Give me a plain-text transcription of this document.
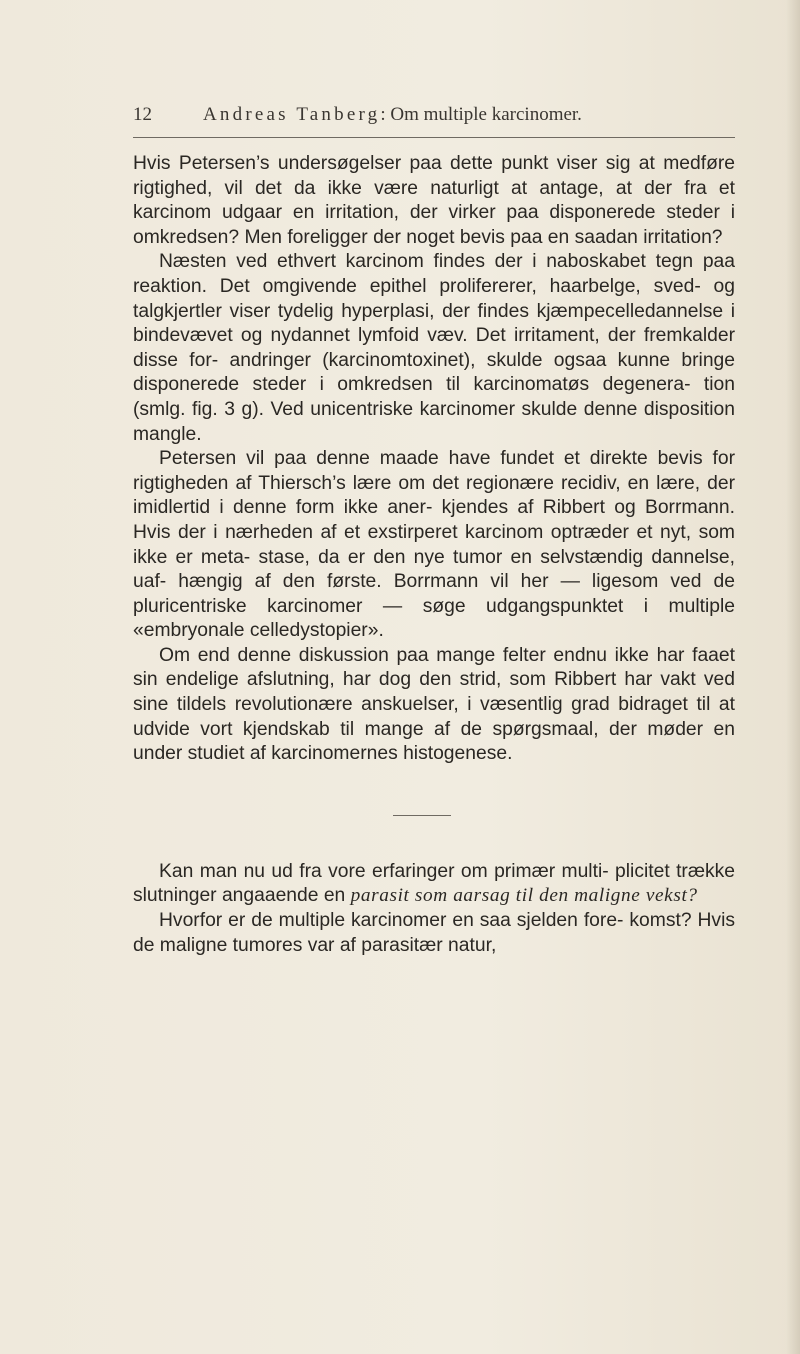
12	Andreas Tanberg: Om multiple karcinomer.

Hvis Petersen’s undersøgelser paa dette punkt viser sig at medføre rigtighed, vil det da ikke være naturligt at antage, at der fra et karcinom udgaar en irritation, der virker paa disponerede steder i omkredsen? Men foreligger der noget bevis paa en saadan irritation?

Næsten ved ethvert karcinom findes der i naboskabet tegn paa reaktion. Det omgivende epithel prolifererer, haarbelge, sved- og talgkjertler viser tydelig hyperplasi, der findes kjæmpecelledannelse i bindevævet og nydannet lymfoid væv. Det irritament, der fremkalder disse for- andringer (karcinomtoxinet), skulde ogsaa kunne bringe disponerede steder i omkredsen til karcinomatøs degenera- tion (smlg. fig. 3 g). Ved unicentriske karcinomer skulde denne disposition mangle.

Petersen vil paa denne maade have fundet et direkte bevis for rigtigheden af Thiersch’s lære om det regionære recidiv, en lære, der imidlertid i denne form ikke aner- kjendes af Ribbert og Borrmann. Hvis der i nærheden af et exstirperet karcinom optræder et nyt, som ikke er meta- stase, da er den nye tumor en selvstændig dannelse, uaf- hængig af den første. Borrmann vil her — ligesom ved de pluricentriske karcinomer — søge udgangspunktet i multiple «embryonale celledystopier».

Om end denne diskussion paa mange felter endnu ikke har faaet sin endelige afslutning, har dog den strid, som Ribbert har vakt ved sine tildels revolutionære anskuelser, i væsentlig grad bidraget til at udvide vort kjendskab til mange af de spørgsmaal, der møder en under studiet af karcinomernes histogenese.

Kan man nu ud fra vore erfaringer om primær multi- plicitet trække slutninger angaaende en parasit som aarsag til den maligne vekst?

Hvorfor er de multiple karcinomer en saa sjelden fore- komst? Hvis de maligne tumores var af parasitær natur,
